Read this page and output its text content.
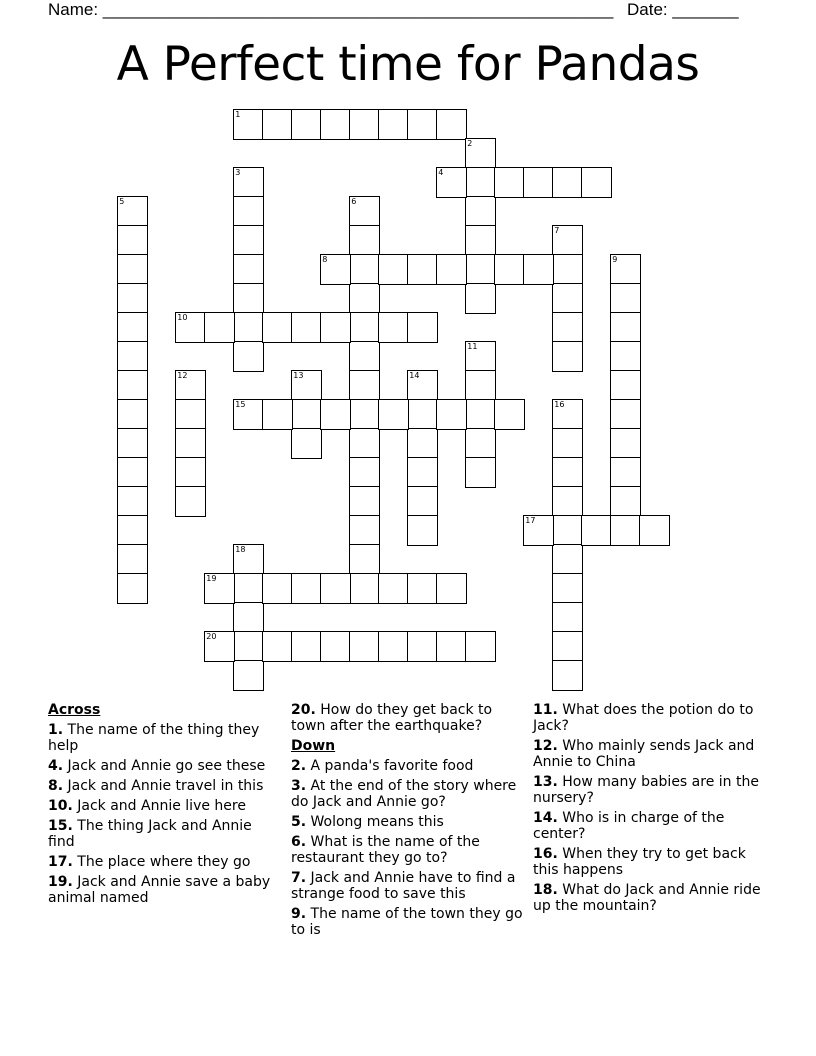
Name: ______________________________________________________ Date: _______
A Perfect time for Pandas
1
2
3	4
5	6
7
8	9
10
11
12	13	14
15	16
17
18
19
20
Across
1. The name of the thing they help
4. Jack and Annie go see these
8. Jack and Annie travel in this
10. Jack and Annie live here
15. The thing Jack and Annie find
17. The place where they go
19. Jack and Annie save a baby animal named
20. How do they get back to town after the earthquake?
Down
2. A panda's favorite food
3. At the end of the story where do Jack and Annie go?
5. Wolong means this
6. What is the name of the restaurant they go to?
7. Jack and Annie have to find a strange food to save this
9. The name of the town they go to is
11. What does the potion do to Jack?
12. Who mainly sends Jack and Annie to China
13. How many babies are in the nursery?
14. Who is in charge of the center?
16. When they try to get back this happens
18. What do Jack and Annie ride up the mountain?
